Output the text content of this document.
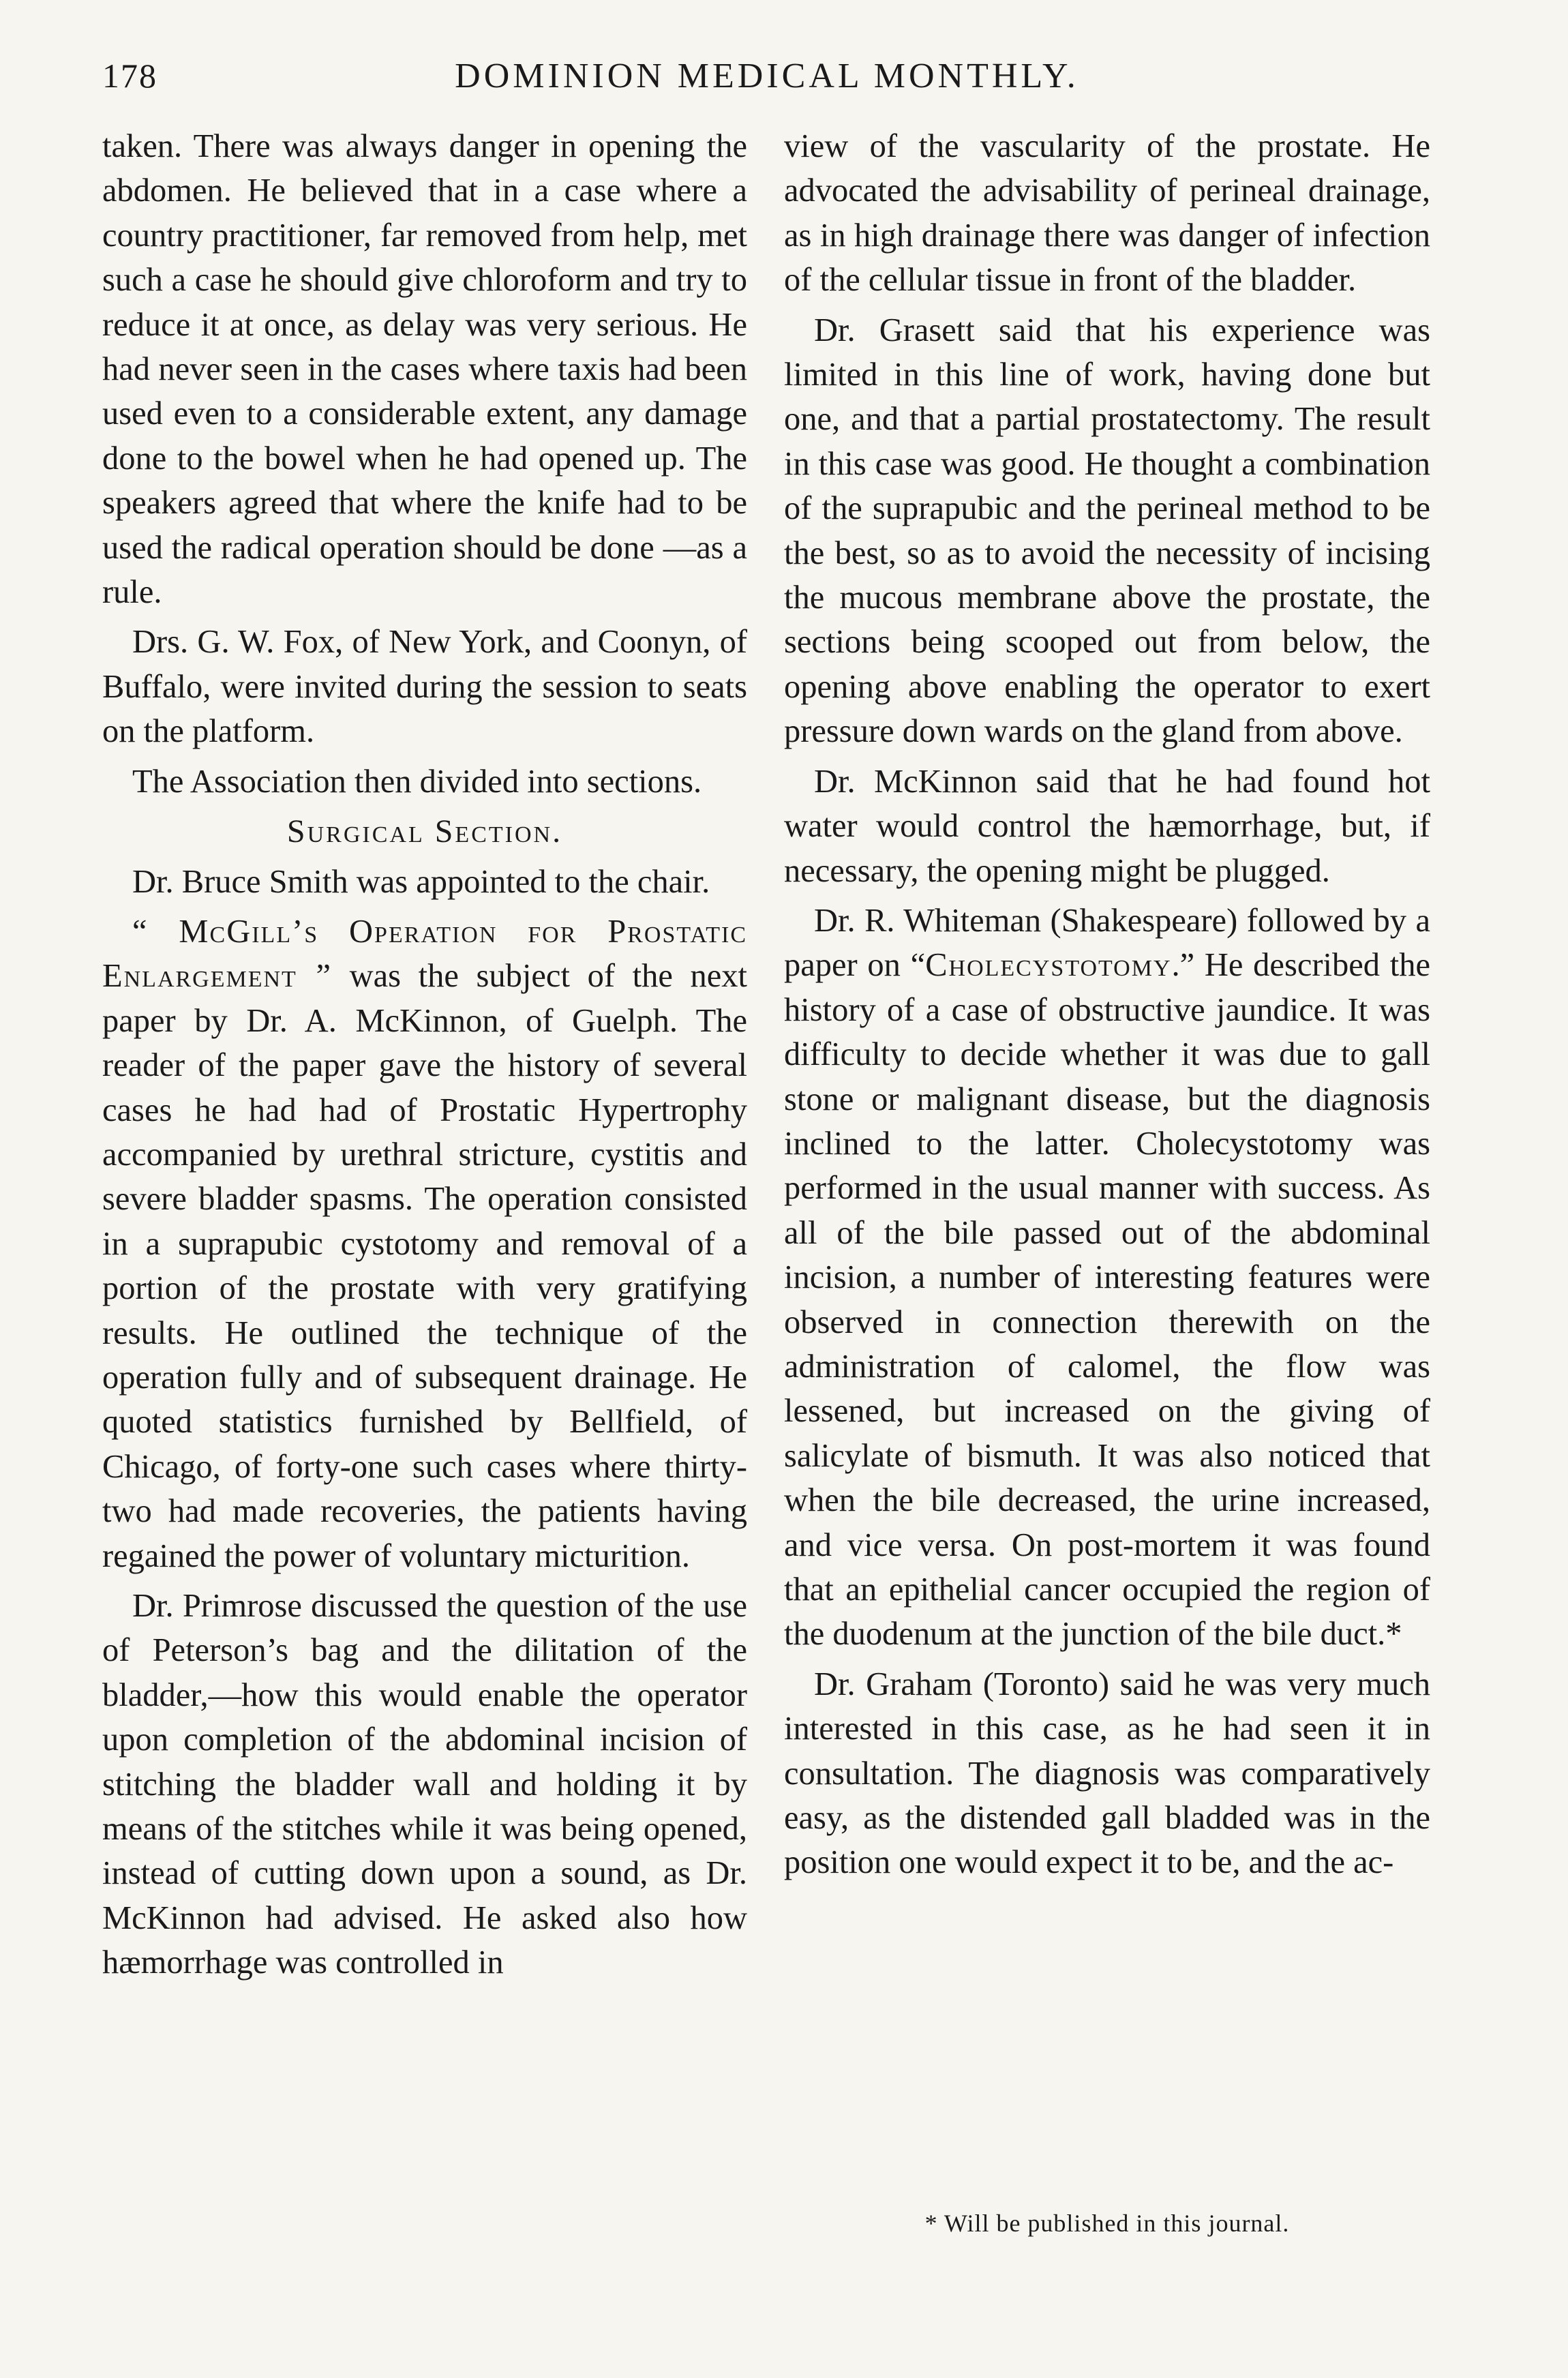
178	DOMINION MEDICAL MONTHLY.

taken. There was always danger in opening the abdomen. He believed that in a case where a country practitioner, far removed from help, met such a case he should give chloroform and try to reduce it at once, as delay was very serious. He had never seen in the cases where taxis had been used even to a considerable extent, any damage done to the bowel when he had opened up. The speakers agreed that where the knife had to be used the radical operation should be done —as a rule.

Drs. G. W. Fox, of New York, and Coonyn, of Buffalo, were invited during the session to seats on the platform.

The Association then divided into sections.

Surgical Section.

Dr. Bruce Smith was appointed to the chair.

“ McGill’s Operation for Prostatic Enlargement ” was the subject of the next paper by Dr. A. McKinnon, of Guelph. The reader of the paper gave the history of several cases he had had of Prostatic Hypertrophy accompanied by urethral stricture, cystitis and severe bladder spasms. The operation consisted in a suprapubic cystotomy and removal of a portion of the prostate with very gratifying results. He outlined the technique of the operation fully and of subsequent drainage. He quoted statistics furnished by Bellfield, of Chicago, of forty-one such cases where thirty-two had made recoveries, the patients having regained the power of voluntary micturition.

Dr. Primrose discussed the question of the use of Peterson’s bag and the dilitation of the bladder,—how this would enable the operator upon completion of the abdominal incision of stitching the bladder wall and holding it by means of the stitches while it was being opened, instead of cutting down upon a sound, as Dr. McKinnon had advised. He asked also how hæmorrhage was controlled in

view of the vascularity of the prostate. He advocated the advisability of perineal drainage, as in high drainage there was danger of infection of the cellular tissue in front of the bladder.

Dr. Grasett said that his experience was limited in this line of work, having done but one, and that a partial prostatectomy. The result in this case was good. He thought a combination of the suprapubic and the perineal method to be the best, so as to avoid the necessity of incising the mucous membrane above the prostate, the sections being scooped out from below, the opening above enabling the operator to exert pressure down wards on the gland from above.

Dr. McKinnon said that he had found hot water would control the hæmorrhage, but, if necessary, the opening might be plugged.

Dr. R. Whiteman (Shakespeare) followed by a paper on “Cholecystotomy.” He described the history of a case of obstructive jaundice. It was difficulty to decide whether it was due to gall stone or malignant disease, but the diagnosis inclined to the latter. Cholecystotomy was performed in the usual manner with success. As all of the bile passed out of the abdominal incision, a number of interesting features were observed in connection therewith on the administration of calomel, the flow was lessened, but increased on the giving of salicylate of bismuth. It was also noticed that when the bile decreased, the urine increased, and vice versa. On post-mortem it was found that an epithelial cancer occupied the region of the duodenum at the junction of the bile duct.*

Dr. Graham (Toronto) said he was very much interested in this case, as he had seen it in consultation. The diagnosis was comparatively easy, as the distended gall bladded was in the position one would expect it to be, and the ac-

* Will be published in this journal.
